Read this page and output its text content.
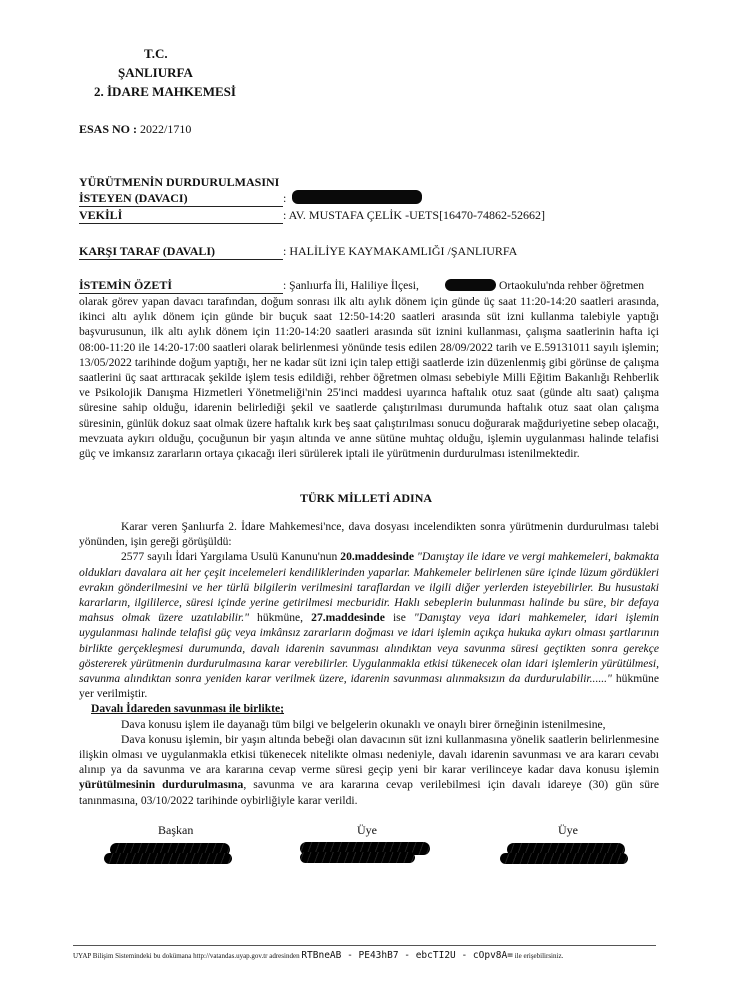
T.C.
ŞANLIURFA
2. İDARE MAHKEMESİ
ESAS NO : 2022/1710
YÜRÜTMENİN DURDURULMASINI
İSTEYEN (DAVACI)	:
VEKİLİ	: AV. MUSTAFA ÇELİK -UETS[16470-74862-52662]
KARŞI TARAF (DAVALI)	: HALİLİYE KAYMAKAMLIĞI /ŞANLIURFA
İSTEMİN ÖZETİ	: Şanlıurfa İli, Haliliye İlçesi,	Ortaokulu'nda rehber öğretmen

olarak görev yapan davacı tarafından, doğum sonrası ilk altı aylık dönem için günde üç saat 11:20-14:20 saatleri arasında, ikinci altı aylık dönem için günde bir buçuk saat 12:50-14:20 saatleri arasında süt izni kullanma talebiyle yaptığı başvurusunun, ilk altı aylık dönem için 11:20-14:20 saatleri arasında süt iznini kullanması, çalışma saatlerinin hafta içi 08:00-11:20 ile 14:20-17:00 saatleri olarak belirlenmesi yönünde tesis edilen 28/09/2022 tarih ve E.59131011 sayılı işlemin; 13/05/2022 tarihinde doğum yaptığı, her ne kadar süt izni için talep ettiği saatlerde izin düzenlenmiş gibi görünse de çalışma saatlerini üç saat arttıracak şekilde işlem tesis edildiği, rehber öğretmen olması sebebiyle Milli Eğitim Bakanlığı Rehberlik ve Psikolojik Danışma Hizmetleri Yönetmeliği'nin 25'inci maddesi uyarınca haftalık otuz saat (günde altı saat) çalışma süresine sahip olduğu, idarenin belirlediği şekil ve saatlerde çalıştırılması durumunda haftalık otuz saat olan çalışma süresinin, günlük dokuz saat olmak üzere haftalık kırk beş saat çalıştırılması sonucu doğurarak mağduriyetine sebep olacağı, mevzuata aykırı olduğu, çocuğunun bir yaşın altında ve anne sütüne muhtaç olduğu, işlemin uygulanması halinde telafisi güç ve imkansız zararların ortaya çıkacağı ileri sürülerek iptali ile yürütmenin durdurulması istenilmektedir.

TÜRK MİLLETİ ADINA

Karar veren Şanlıurfa 2. İdare Mahkemesi'nce, dava dosyası incelendikten sonra yürütmenin durdurulması talebi yönünden, işin gereği görüşüldü:

2577 sayılı İdari Yargılama Usulü Kanunu'nun 20.maddesinde "Danıştay ile idare ve vergi mahkemeleri, bakmakta oldukları davalara ait her çeşit incelemeleri kendiliklerinden yaparlar. Mahkemeler belirlenen süre içinde lüzum gördükleri evrakın gönderilmesini ve her türlü bilgilerin verilmesini taraflardan ve ilgili diğer yerlerden isteyebilirler. Bu husustaki kararların, ilgililerce, süresi içinde yerine getirilmesi mecburidir. Haklı sebeplerin bulunması halinde bu süre, bir defaya mahsus olmak üzere uzatılabilir." hükmüne, 27.maddesinde ise "Danıştay veya idari mahkemeler, idari işlemin uygulanması halinde telafisi güç veya imkânsız zararların doğması ve idari işlemin açıkça hukuka aykırı olması şartlarının birlikte gerçekleşmesi durumunda, davalı idarenin savunması alındıktan veya savunma süresi geçtikten sonra gerekçe göstererek yürütmenin durdurulmasına karar verebilirler. Uygulanmakla etkisi tükenecek olan idari işlemlerin yürütülmesi, savunma alındıktan sonra yeniden karar verilmek üzere, idarenin savunması alınmaksızın da durdurulabilir......" hükmüne yer verilmiştir.

Davalı İdareden savunması ile birlikte;

Dava konusu işlem ile dayanağı tüm bilgi ve belgelerin okunaklı ve onaylı birer örneğinin istenilmesine,

Dava konusu işlemin, bir yaşın altında bebeği olan davacının süt izni kullanmasına yönelik saatlerin belirlenmesine ilişkin olması ve uygulanmakla etkisi tükenecek nitelikte olması nedeniyle, davalı idarenin savunması ve ara kararı cevabı alınıp ya da savunma ve ara kararına cevap verme süresi geçip yeni bir karar verilinceye kadar dava konusu işlemin yürütülmesinin durdurulmasına, savunma ve ara kararına cevap verilebilmesi için davalı idareye (30) gün süre tanınmasına, 03/10/2022 tarihinde oybirliğiyle karar verildi.

Başkan	Üye	Üye
UYAP Bilişim Sistemindeki bu dokümana http://vatandas.uyap.gov.tr adresinden RTBneAB - PE43hB7 - ebcTI2U - cOpv8A= ile erişebilirsiniz.
